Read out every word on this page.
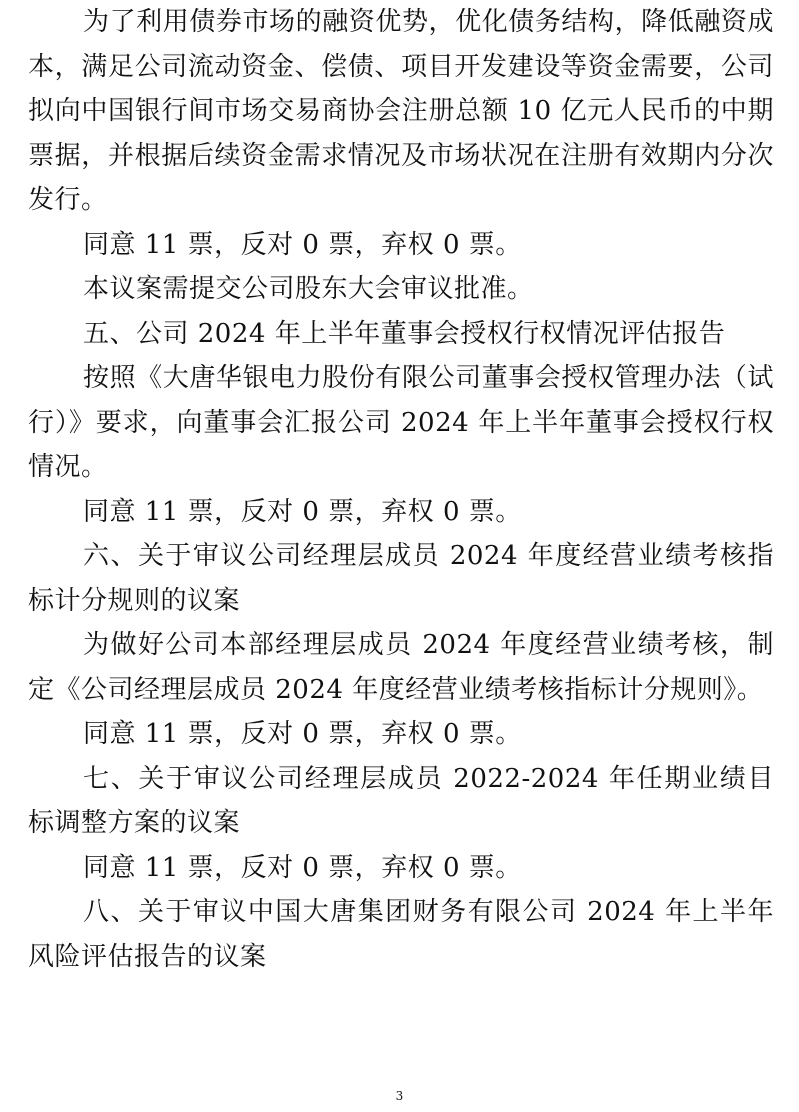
为了利用债券市场的融资优势，优化债务结构，降低融资成本，满足公司流动资金、偿债、项目开发建设等资金需要，公司拟向中国银行间市场交易商协会注册总额 10 亿元人民币的中期票据，并根据后续资金需求情况及市场状况在注册有效期内分次发行。

同意 11 票，反对 0 票，弃权 0 票。

本议案需提交公司股东大会审议批准。

五、公司 2024 年上半年董事会授权行权情况评估报告

按照《大唐华银电力股份有限公司董事会授权管理办法（试行）》要求，向董事会汇报公司 2024 年上半年董事会授权行权情况。

同意 11 票，反对 0 票，弃权 0 票。

六、关于审议公司经理层成员 2024 年度经营业绩考核指标计分规则的议案

为做好公司本部经理层成员 2024 年度经营业绩考核，制定《公司经理层成员 2024 年度经营业绩考核指标计分规则》。

同意 11 票，反对 0 票，弃权 0 票。

七、关于审议公司经理层成员 2022-2024 年任期业绩目标调整方案的议案

同意 11 票，反对 0 票，弃权 0 票。

八、关于审议中国大唐集团财务有限公司 2024 年上半年风险评估报告的议案

3
